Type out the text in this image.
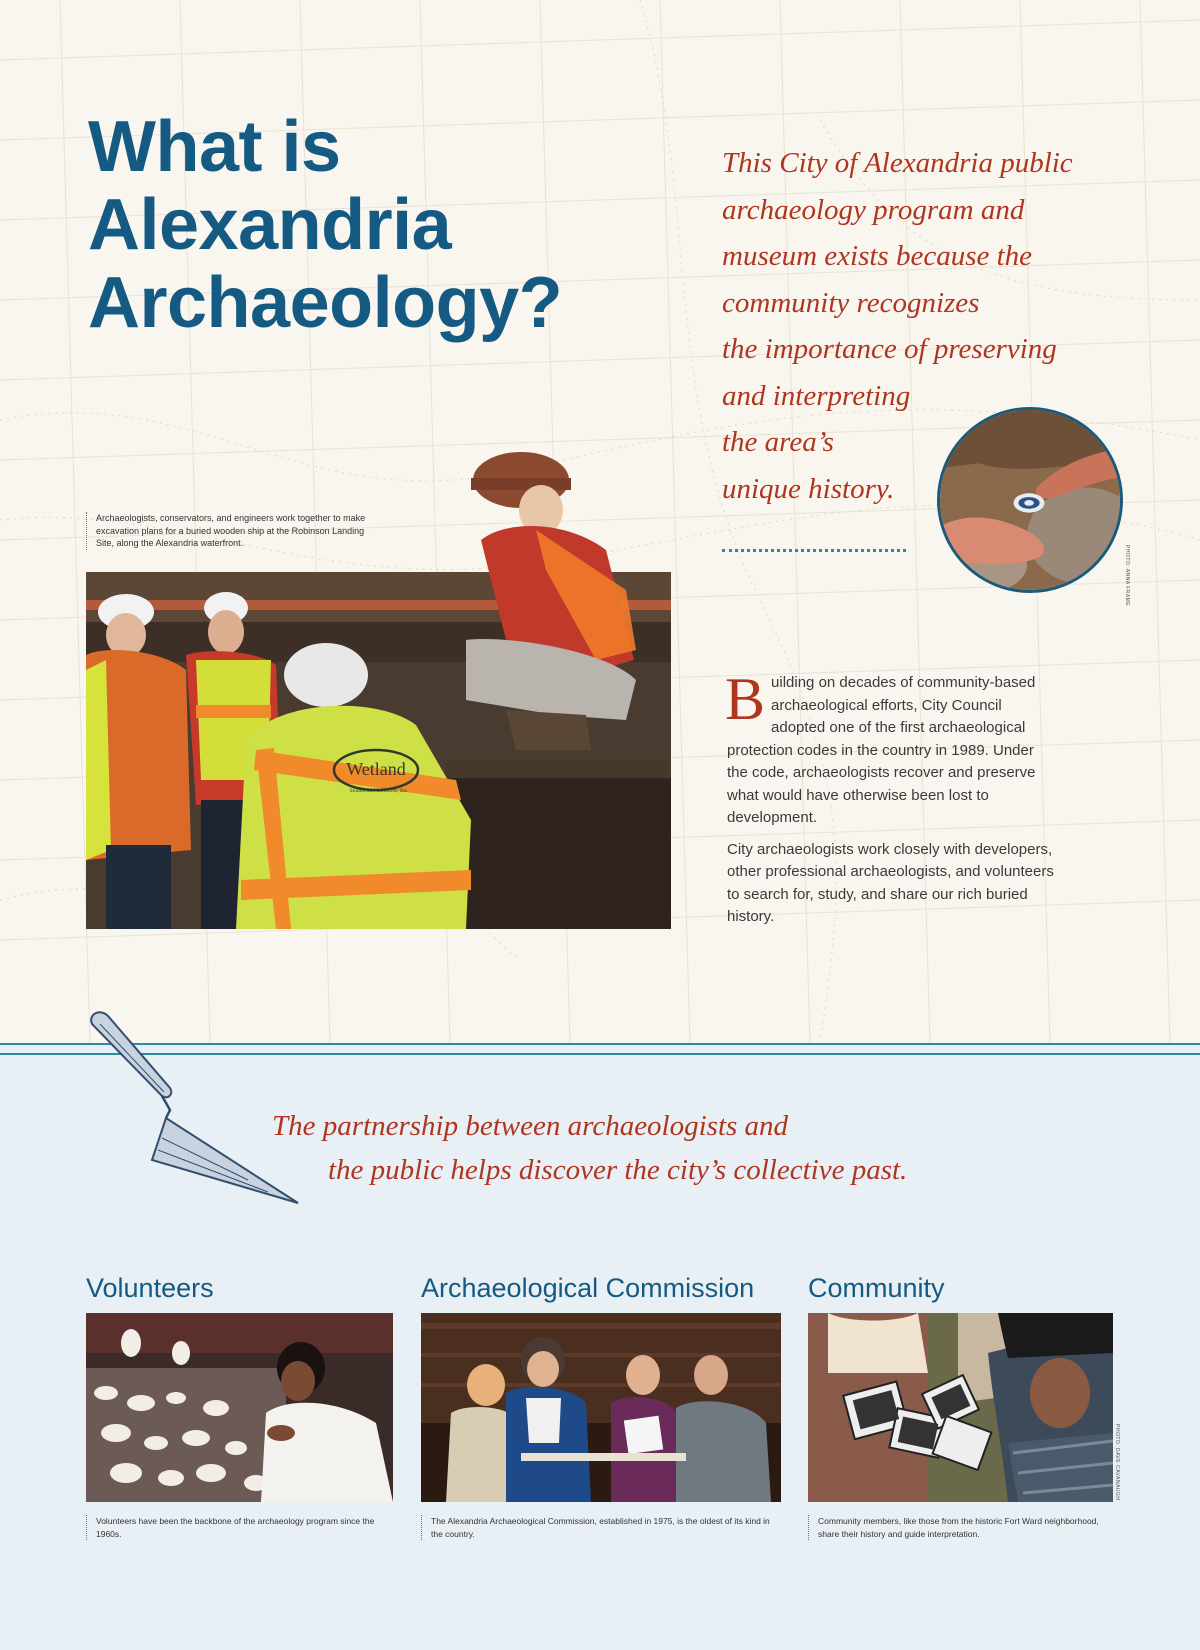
What is
Alexandria
Archaeology?
This City of Alexandria public
archaeology program and
museum exists because the
community recognizes
the importance of preserving
and interpreting
the area’s
unique history.
PHOTO: ANNA FRAME
Wetland
Studies and Solutions, Inc.
Archaeologists, conservators, and engineers work together to make excavation plans for a buried wooden ship at the Robinson Landing Site, along the Alexandria waterfront.

Building on decades of community-based archaeological efforts, City Council adopted one of the first archaeological protection codes in the country in 1989. Under the code, archaeologists recover and preserve what would have otherwise been lost to development.

City archaeologists work closely with developers, other professional archaeologists, and volunteers to search for, study, and share our rich buried history.

The partnership between archaeologists and
the public helps discover the city’s collective past.
Volunteers
Volunteers have been the backbone of the archaeology program since the 1960s.
Archaeological Commission
The Alexandria Archaeological Commission, established in 1975, is the oldest of its kind in the country.
Community
Community members, like those from the historic Fort Ward neighborhood, share their history and guide interpretation.
PHOTO: DAVE CAVANAUGH
